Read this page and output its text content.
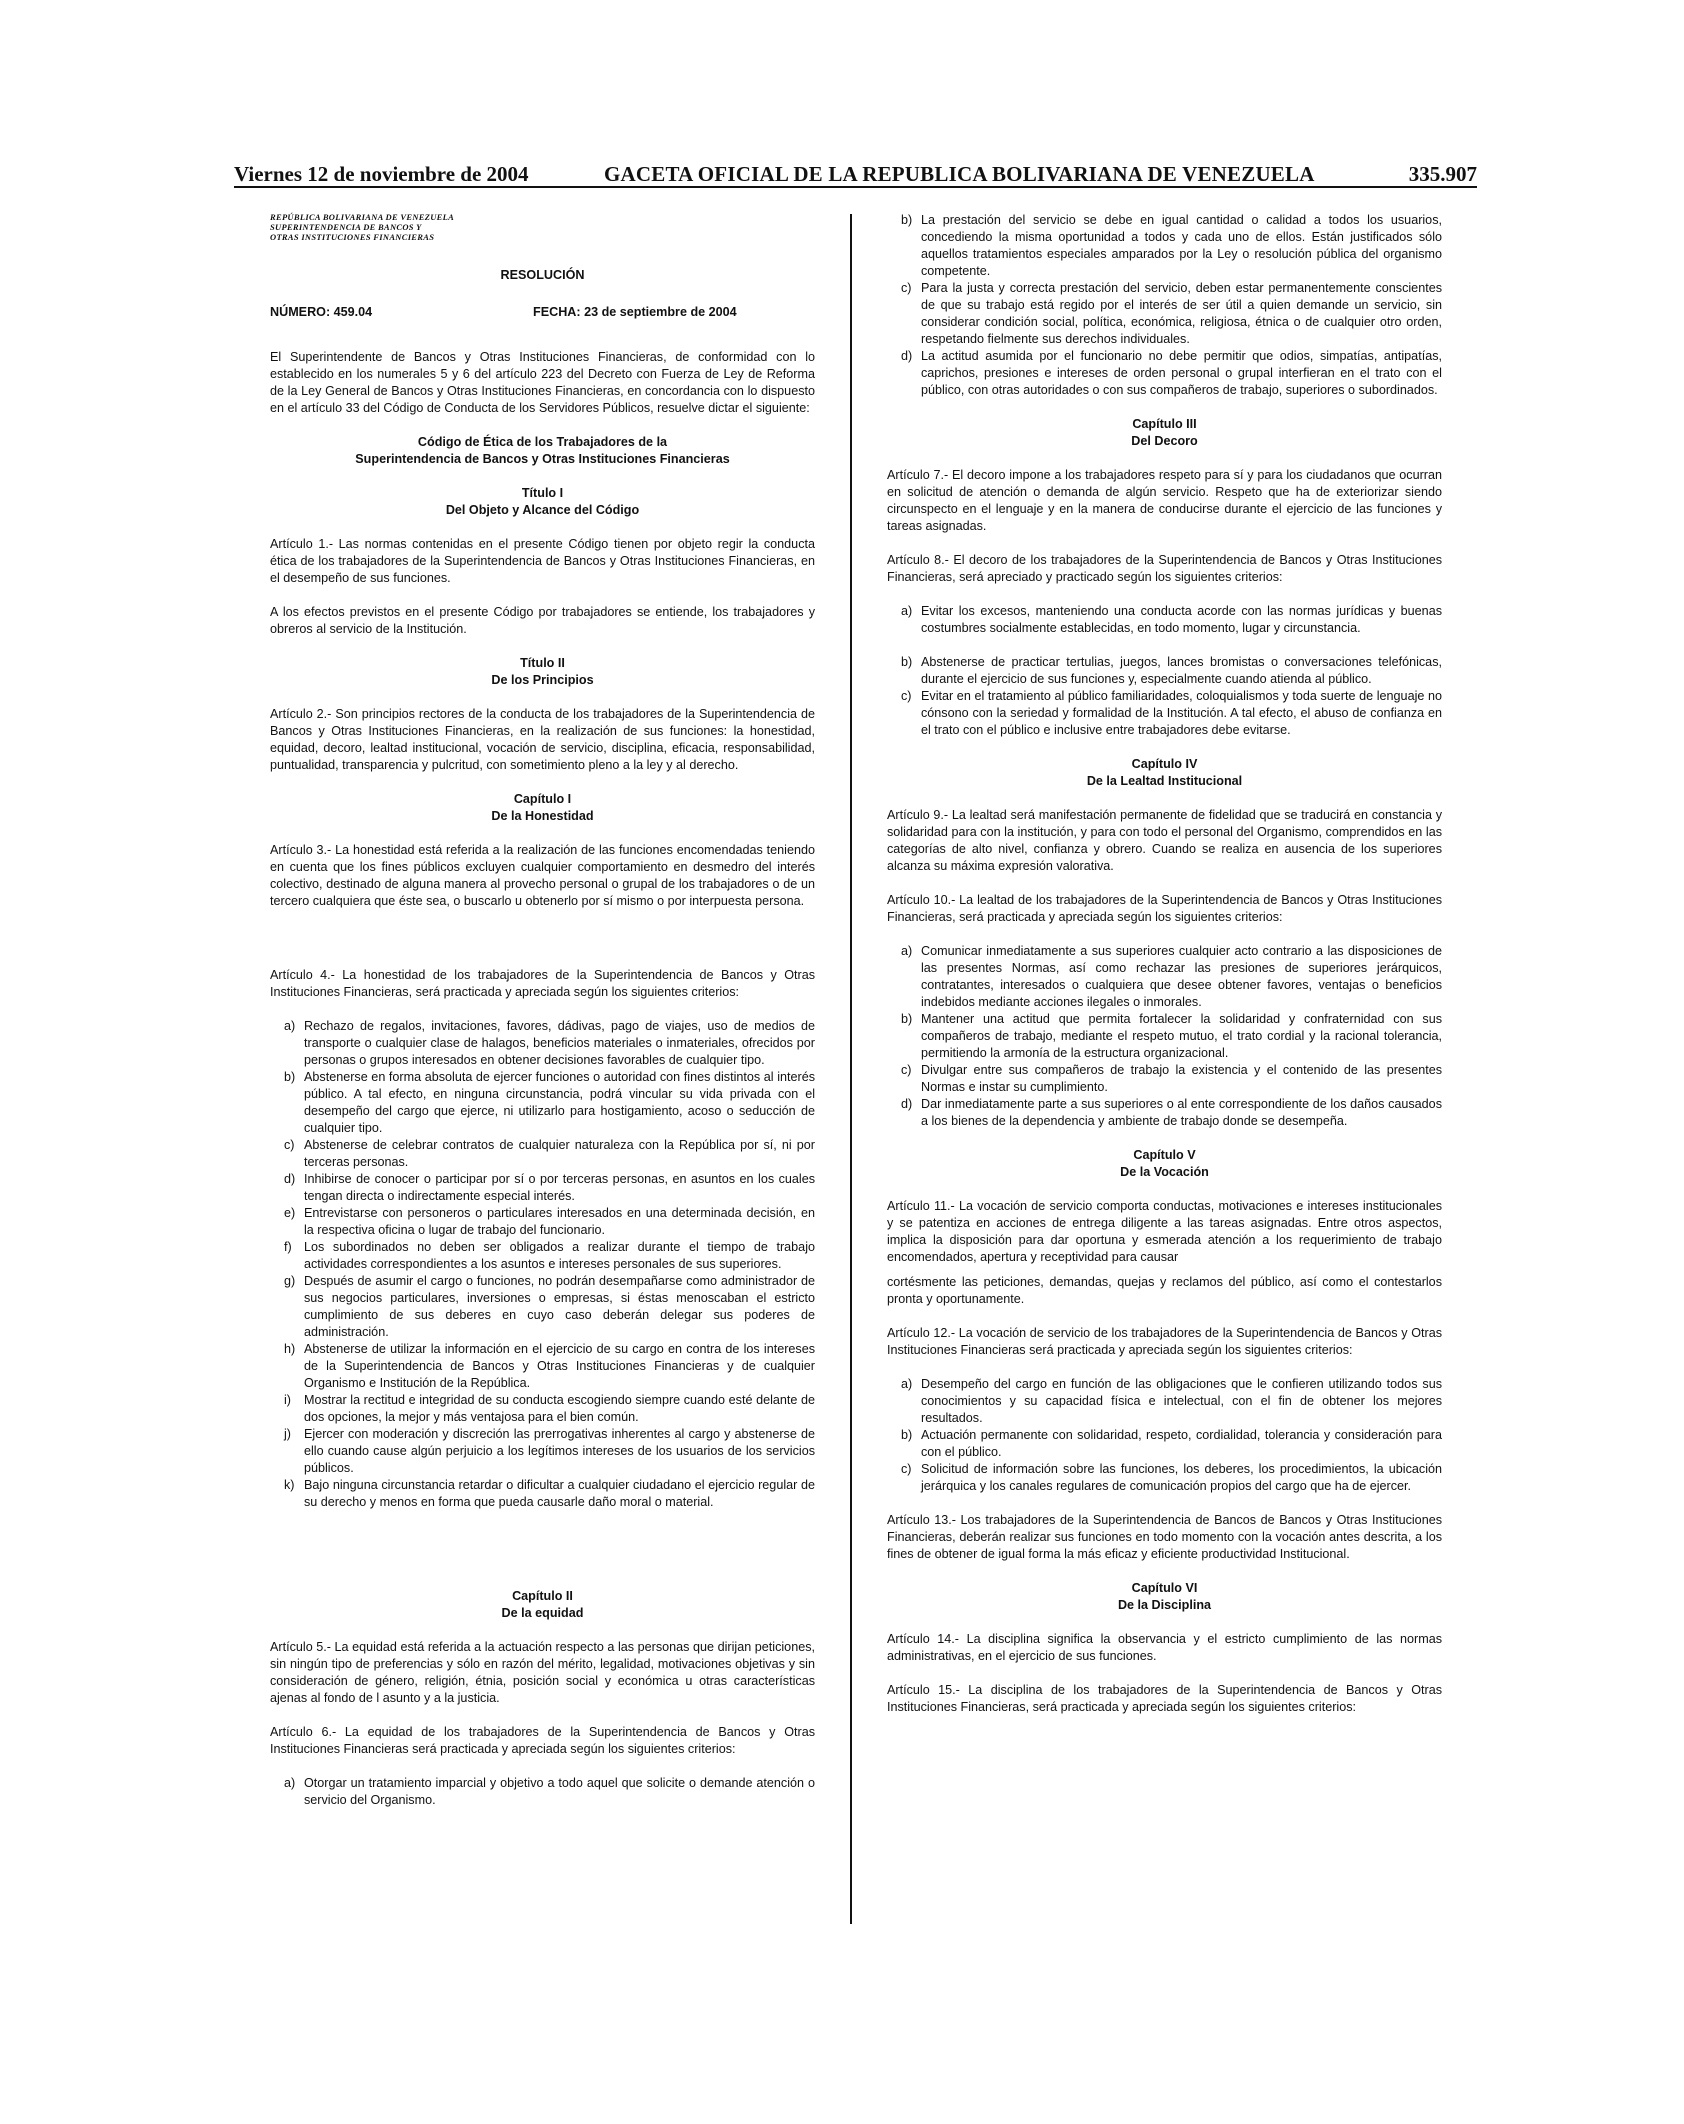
Viernes 12 de noviembre de 2004	GACETA OFICIAL DE LA REPUBLICA BOLIVARIANA DE VENEZUELA	335.907
REPÚBLICA BOLIVARIANA DE VENEZUELA
SUPERINTENDENCIA DE BANCOS Y
OTRAS INSTITUCIONES FINANCIERAS
RESOLUCIÓN
NÚMERO: 459.04	FECHA: 23 de septiembre de 2004

El Superintendente de Bancos y Otras Instituciones Financieras, de conformidad con lo establecido en los numerales 5 y 6 del artículo 223 del Decreto con Fuerza de Ley de Reforma de la Ley General de Bancos y Otras Instituciones Financieras, en concordancia con lo dispuesto en el artículo 33 del Código de Conducta de los Servidores Públicos, resuelve dictar el siguiente:

Código de Ética de los Trabajadores de la
Superintendencia de Bancos y Otras Instituciones Financieras
Título I
Del Objeto y Alcance del Código

Artículo 1.- Las normas contenidas en el presente Código tienen por objeto regir la conducta ética de los trabajadores de la Superintendencia de Bancos y Otras Instituciones Financieras, en el desempeño de sus funciones.

A los efectos previstos en el presente Código por trabajadores se entiende, los trabajadores y obreros al servicio de la Institución.

Título II
De los Principios

Artículo 2.- Son principios rectores de la conducta de los trabajadores de la Superintendencia de Bancos y Otras Instituciones Financieras, en la realización de sus funciones: la honestidad, equidad, decoro, lealtad institucional, vocación de servicio, disciplina, eficacia, responsabilidad, puntualidad, transparencia y pulcritud, con sometimiento pleno a la ley y al derecho.

Capítulo I
De la Honestidad

Artículo 3.- La honestidad está referida a la realización de las funciones encomendadas teniendo en cuenta que los fines públicos excluyen cualquier comportamiento en desmedro del interés colectivo, destinado de alguna manera al provecho personal o grupal de los trabajadores o de un tercero cualquiera que éste sea, o buscarlo u obtenerlo por sí mismo o por interpuesta persona.

Artículo 4.- La honestidad de los trabajadores de la Superintendencia de Bancos y Otras Instituciones Financieras, será practicada y apreciada según los siguientes criterios:

a) Rechazo de regalos, invitaciones, favores, dádivas, pago de viajes, uso de medios de transporte o cualquier clase de halagos, beneficios materiales o inmateriales, ofrecidos por personas o grupos interesados en obtener decisiones favorables de cualquier tipo.
b) Abstenerse en forma absoluta de ejercer funciones o autoridad con fines distintos al interés público. A tal efecto, en ninguna circunstancia, podrá vincular su vida privada con el desempeño del cargo que ejerce, ni utilizarlo para hostigamiento, acoso o seducción de cualquier tipo.
c) Abstenerse de celebrar contratos de cualquier naturaleza con la República por sí, ni por terceras personas.
d) Inhibirse de conocer o participar por sí o por terceras personas, en asuntos en los cuales tengan directa o indirectamente especial interés.
e) Entrevistarse con personeros o particulares interesados en una determinada decisión, en la respectiva oficina o lugar de trabajo del funcionario.
f) Los subordinados no deben ser obligados a realizar durante el tiempo de trabajo actividades correspondientes a los asuntos e intereses personales de sus superiores.
g) Después de asumir el cargo o funciones, no podrán desempañarse como administrador de sus negocios particulares, inversiones o empresas, si éstas menoscaban el estricto cumplimiento de sus deberes en cuyo caso deberán delegar sus poderes de administración.
h) Abstenerse de utilizar la información en el ejercicio de su cargo en contra de los intereses de la Superintendencia de Bancos y Otras Instituciones Financieras y de cualquier Organismo e Institución de la República.
i)	Mostrar la rectitud e integridad de su conducta escogiendo siempre cuando esté delante de dos opciones, la mejor y más ventajosa para el bien común.
j)	Ejercer con moderación y discreción las prerrogativas inherentes al cargo y abstenerse de ello cuando cause algún perjuicio a los legítimos intereses de los usuarios de los servicios públicos.
k) Bajo ninguna circunstancia retardar o dificultar a cualquier ciudadano el ejercicio regular de su derecho y menos en forma que pueda causarle daño moral o material.
Capítulo II
De la equidad

Artículo 5.- La equidad está referida a la actuación respecto a las personas que dirijan peticiones, sin ningún tipo de preferencias y sólo en razón del mérito, legalidad, motivaciones objetivas y sin consideración de género, religión, étnia, posición social y económica u otras características ajenas al fondo de l asunto y a la justicia.

Artículo 6.- La equidad de los trabajadores de la Superintendencia de Bancos y Otras Instituciones Financieras será practicada y apreciada según los siguientes criterios:

a) Otorgar un tratamiento imparcial y objetivo a todo aquel que solicite o demande atención o servicio del Organismo.
b) La prestación del servicio se debe en igual cantidad o calidad a todos los usuarios, concediendo la misma oportunidad a todos y cada uno de ellos. Están justificados sólo aquellos tratamientos especiales amparados por la Ley o resolución pública del organismo competente.
c) Para la justa y correcta prestación del servicio, deben estar permanentemente conscientes de que su trabajo está regido por el interés de ser útil a quien demande un servicio, sin considerar condición social, política, económica, religiosa, étnica o de cualquier otro orden, respetando fielmente sus derechos individuales.
d) La actitud asumida por el funcionario no debe permitir que odios, simpatías, antipatías, caprichos, presiones e intereses de orden personal o grupal interfieran en el trato con el público, con otras autoridades o con sus compañeros de trabajo, superiores o subordinados.
Capítulo III
Del Decoro

Artículo 7.- El decoro impone a los trabajadores respeto para sí y para los ciudadanos que ocurran en solicitud de atención o demanda de algún servicio. Respeto que ha de exteriorizar siendo circunspecto en el lenguaje y en la manera de conducirse durante el ejercicio de las funciones y tareas asignadas.

Artículo 8.- El decoro de los trabajadores de la Superintendencia de Bancos y Otras Instituciones Financieras, será apreciado y practicado según los siguientes criterios:

a) Evitar los excesos, manteniendo una conducta acorde con las normas jurídicas y buenas costumbres socialmente establecidas, en todo momento, lugar y circunstancia.
b) Abstenerse de practicar tertulias, juegos, lances bromistas o conversaciones telefónicas, durante el ejercicio de sus funciones y, especialmente cuando atienda al público.
c) Evitar en el tratamiento al público familiaridades, coloquialismos y toda suerte de lenguaje no cónsono con la seriedad y formalidad de la Institución. A tal efecto, el abuso de confianza en el trato con el público e inclusive entre trabajadores debe evitarse.
Capítulo IV
De la Lealtad Institucional

Artículo 9.- La lealtad será manifestación permanente de fidelidad que se traducirá en constancia y solidaridad para con la institución, y para con todo el personal del Organismo, comprendidos en las categorías de alto nivel, confianza y obrero. Cuando se realiza en ausencia de los superiores alcanza su máxima expresión valorativa.

Artículo 10.- La lealtad de los trabajadores de la Superintendencia de Bancos y Otras Instituciones Financieras, será practicada y apreciada según los siguientes criterios:

a) Comunicar inmediatamente a sus superiores cualquier acto contrario a las disposiciones de las presentes Normas, así como rechazar las presiones de superiores jerárquicos, contratantes, interesados o cualquiera que desee obtener favores, ventajas o beneficios indebidos mediante acciones ilegales o inmorales.
b) Mantener una actitud que permita fortalecer la solidaridad y confraternidad con sus compañeros de trabajo, mediante el respeto mutuo, el trato cordial y la racional tolerancia, permitiendo la armonía de la estructura organizacional.
c) Divulgar entre sus compañeros de trabajo la existencia y el contenido de las presentes Normas e instar su cumplimiento.
d) Dar inmediatamente parte a sus superiores o al ente correspondiente de los daños causados a los bienes de la dependencia y ambiente de trabajo donde se desempeña.
Capítulo V
De la Vocación

Artículo 11.- La vocación de servicio comporta conductas, motivaciones e intereses institucionales y se patentiza en acciones de entrega diligente a las tareas asignadas. Entre otros aspectos, implica la disposición para dar oportuna y esmerada atención a los requerimiento de trabajo encomendados, apertura y receptividad para causar

cortésmente las peticiones, demandas, quejas y reclamos del público, así como el contestarlos pronta y oportunamente.

Artículo 12.- La vocación de servicio de los trabajadores de la Superintendencia de Bancos y Otras Instituciones Financieras será practicada y apreciada según los siguientes criterios:

a) Desempeño del cargo en función de las obligaciones que le confieren utilizando todos sus conocimientos y su capacidad física e intelectual, con el fin de obtener los mejores resultados.
b) Actuación permanente con solidaridad, respeto, cordialidad, tolerancia y consideración para con el público.
c) Solicitud de información sobre las funciones, los deberes, los procedimientos, la ubicación jerárquica y los canales regulares de comunicación propios del cargo que ha de ejercer.

Artículo 13.- Los trabajadores de la Superintendencia de Bancos de Bancos y Otras Instituciones Financieras, deberán realizar sus funciones en todo momento con la vocación antes descrita, a los fines de obtener de igual forma la más eficaz y eficiente productividad Institucional.

Capítulo VI
De la Disciplina

Artículo 14.- La disciplina significa la observancia y el estricto cumplimiento de las normas administrativas, en el ejercicio de sus funciones.

Artículo 15.- La disciplina de los trabajadores de la Superintendencia de Bancos y Otras Instituciones Financieras, será practicada y apreciada según los siguientes criterios:
